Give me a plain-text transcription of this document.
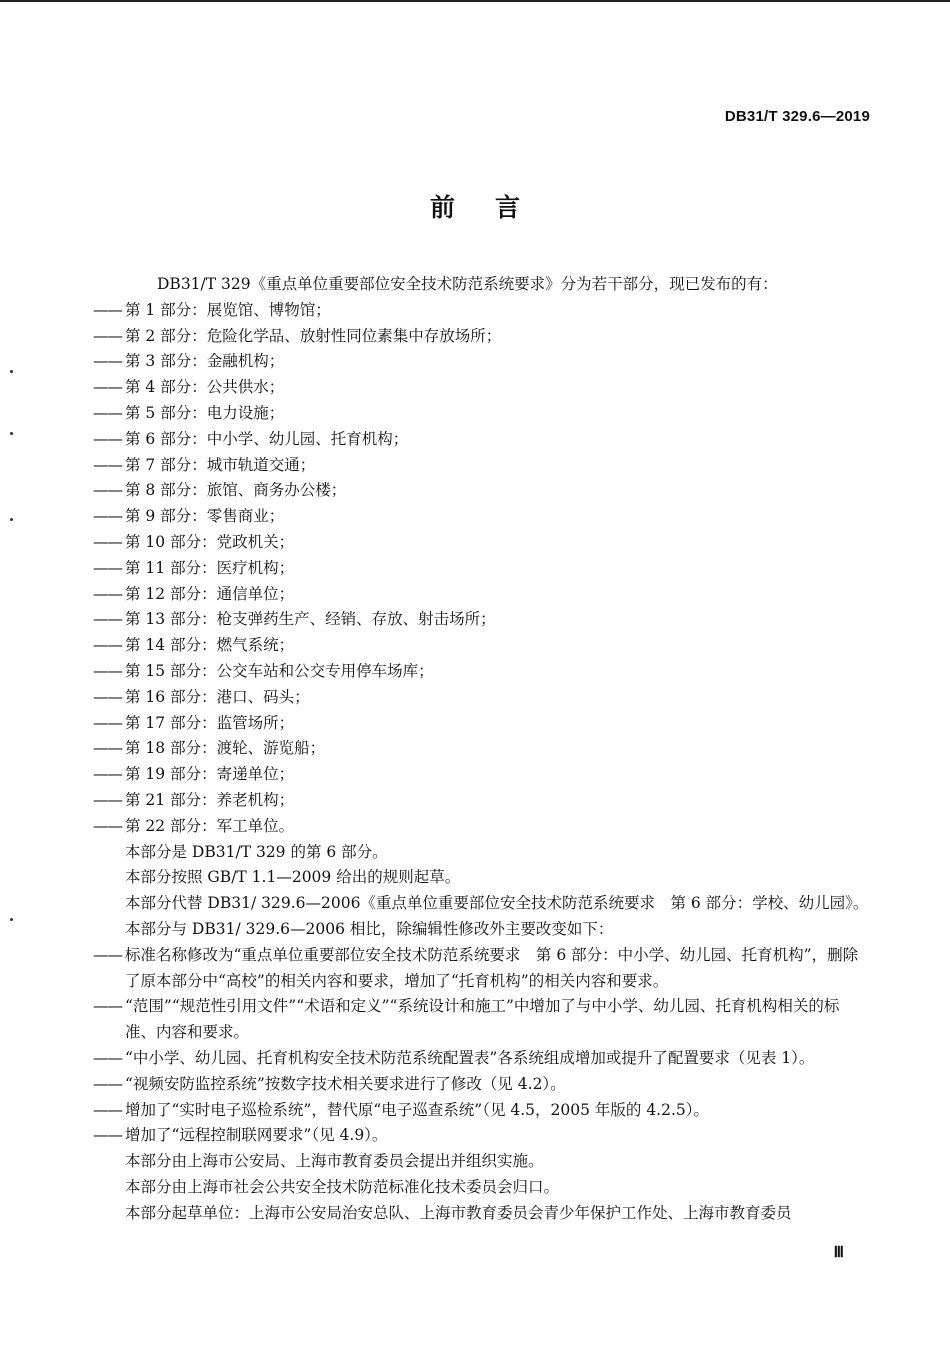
DB31/T 329.6—2019
前言
DB31/T 329《重点单位重要部位安全技术防范系统要求》分为若干部分，现已发布的有：
—— 第 1 部分：展览馆、博物馆；
—— 第 2 部分：危险化学品、放射性同位素集中存放场所；
—— 第 3 部分：金融机构；
—— 第 4 部分：公共供水；
—— 第 5 部分：电力设施；
—— 第 6 部分：中小学、幼儿园、托育机构；
—— 第 7 部分：城市轨道交通；
—— 第 8 部分：旅馆、商务办公楼；
—— 第 9 部分：零售商业；
—— 第 10 部分：党政机关；
—— 第 11 部分：医疗机构；
—— 第 12 部分：通信单位；
—— 第 13 部分：枪支弹药生产、经销、存放、射击场所；
—— 第 14 部分：燃气系统；
—— 第 15 部分：公交车站和公交专用停车场库；
—— 第 16 部分：港口、码头；
—— 第 17 部分：监管场所；
—— 第 18 部分：渡轮、游览船；
—— 第 19 部分：寄递单位；
—— 第 21 部分：养老机构；
—— 第 22 部分：军工单位。
本部分是 DB31/T 329 的第 6 部分。
本部分按照 GB/T 1.1—2009 给出的规则起草。
本部分代替 DB31/ 329.6—2006《重点单位重要部位安全技术防范系统要求　第 6 部分：学校、幼儿园》。本部分与 DB31/ 329.6—2006 相比，除编辑性修改外主要改变如下：
—— 标准名称修改为“重点单位重要部位安全技术防范系统要求　第 6 部分：中小学、幼儿园、托育机构”，删除了原本部分中“高校”的相关内容和要求，增加了“托育机构”的相关内容和要求。
—— “范围”“规范性引用文件”“术语和定义”“系统设计和施工”中增加了与中小学、幼儿园、托育机构相关的标准、内容和要求。
—— “中小学、幼儿园、托育机构安全技术防范系统配置表”各系统组成增加或提升了配置要求（见表 1）。
—— “视频安防监控系统”按数字技术相关要求进行了修改（见 4.2）。
—— 增加了“实时电子巡检系统”，替代原“电子巡查系统”（见 4.5，2005 年版的 4.2.5）。
—— 增加了“远程控制联网要求”（见 4.9）。
本部分由上海市公安局、上海市教育委员会提出并组织实施。
本部分由上海市社会公共安全技术防范标准化技术委员会归口。
本部分起草单位：上海市公安局治安总队、上海市教育委员会青少年保护工作处、上海市教育委员
Ⅲ
